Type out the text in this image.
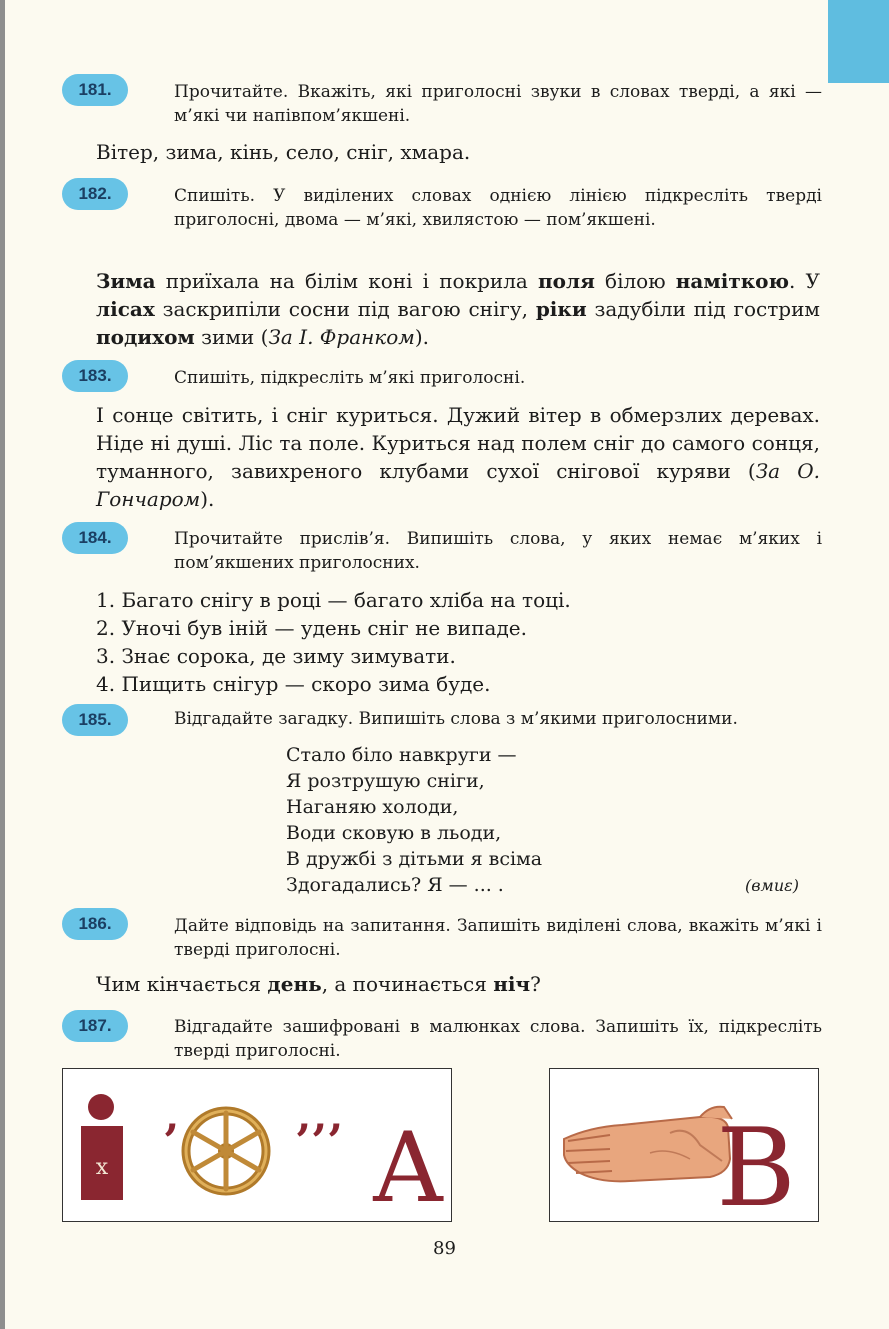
181.	Прочитайте. Вкажіть, які приголосні звуки в словах тверді, а які — м’які чи напівпом’якшені.
Вітер, зима, кінь, село, сніг, хмара.
182.	Спишіть. У виділених словах однією лінією підкресліть тверді приголосні, двома — м’які, хвилястою — пом’якшені.
Зима приїхала на білім коні і покрила поля білою наміткою. У лісах заскрипіли сосни під вагою снігу, ріки задубіли під гострим подихом зими (За І. Франком).
183.	Спишіть, підкресліть м’які приголосні.
І сонце світить, і сніг куриться. Дужий вітер в обмерзлих деревах. Ніде ні душі. Ліс та поле. Куриться над полем сніг до самого сонця, туманного, завихреного клубами сухої снігової куряви (За О. Гончаром).
184.	Прочитайте прислів’я. Випишіть слова, у яких немає м’яких і пом’якшених приголосних.
1. Багато снігу в році — багато хліба на тоці.
2. Уночі був іній — удень сніг не випаде.
3. Знає сорока, де зиму зимувати.
4. Пищить снігур — скоро зима буде.
185.	Відгадайте загадку. Випишіть слова з м’якими приголосними.
Стало біло навкруги —
Я розтрушую сніги,
Наганяю холоди,
Води сковую в льоди,
В дружбі з дітьми я всіма
Здогадались? Я — ... .	(вмиε)
186.	Дайте відповідь на запитання. Запишіть виділені слова, вкажіть м’які і тверді приголосні.
Чим кінчається день, а починається ніч?
187.	Відгадайте зашифровані в малюнках слова. Запишіть їх, підкресліть тверді приголосні.
х ’	’’’ А	В
89
